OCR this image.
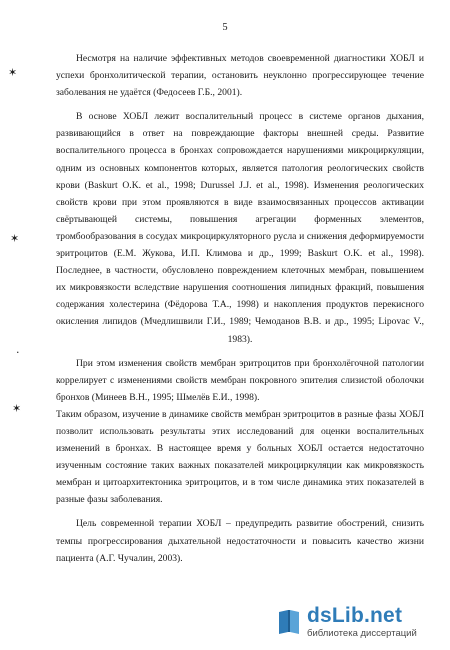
5

Несмотря на наличие эффективных методов своевременной диагностики ХОБЛ и успехи бронхолитической терапии, остановить неуклонно прогрессирующее течение заболевания не удаётся (Федосеев Г.Б., 2001).

В основе ХОБЛ лежит воспалительный процесс в системе органов дыхания, развивающийся в ответ на повреждающие факторы внешней среды. Развитие воспалительного процесса в бронхах сопровождается нарушениями микроциркуляции, одним из основных компонентов которых, является патология реологических свойств крови (Baskurt O.K. et al., 1998; Durussel J.J. et al., 1998). Изменения реологических свойств крови при этом проявляются в виде взаимосвязанных процессов активации свёртывающей системы, повышения агрегации форменных элементов, тромбообразования в сосудах микроциркуляторного русла и снижения деформируемости эритроцитов (Е.М. Жукова, И.П. Климова и др., 1999; Baskurt O.K. et al., 1998). Последнее, в частности, обусловлено повреждением клеточных мембран, повышением их микровязкости вследствие нарушения соотношения липидных фракций, повышения содержания холестерина (Фёдорова Т.А., 1998) и накопления продуктов перекисного окисления липидов (Мчедлишвили Г.И., 1989; Чемоданов В.В. и др., 1995; Lipovac V., 1983).

При этом изменения свойств мембран эритроцитов при бронхолёгочной патологии коррелирует с изменениями свойств мембран покровного эпителия слизистой оболочки бронхов (Минеев В.Н., 1995; Шмелёв Е.И., 1998).

Таким образом, изучение в динамике свойств мембран эритроцитов в разные фазы ХОБЛ позволит использовать результаты этих исследований для оценки воспалительных изменений в бронхах. В настоящее время у больных ХОБЛ остается недостаточно изученным состояние таких важных показателей микроциркуляции как микровязкость мембран и цитоархитектоника эритроцитов, и в том числе динамика этих показателей в разные фазы заболевания.

Цель современной терапии ХОБЛ – предупредить развитие обострений, снизить темпы прогрессирования дыхательной недостаточности и повысить качество жизни пациента (А.Г. Чучалин, 2003).

✶
✶
·
✶
dsLib.net
библиотека диссертаций
